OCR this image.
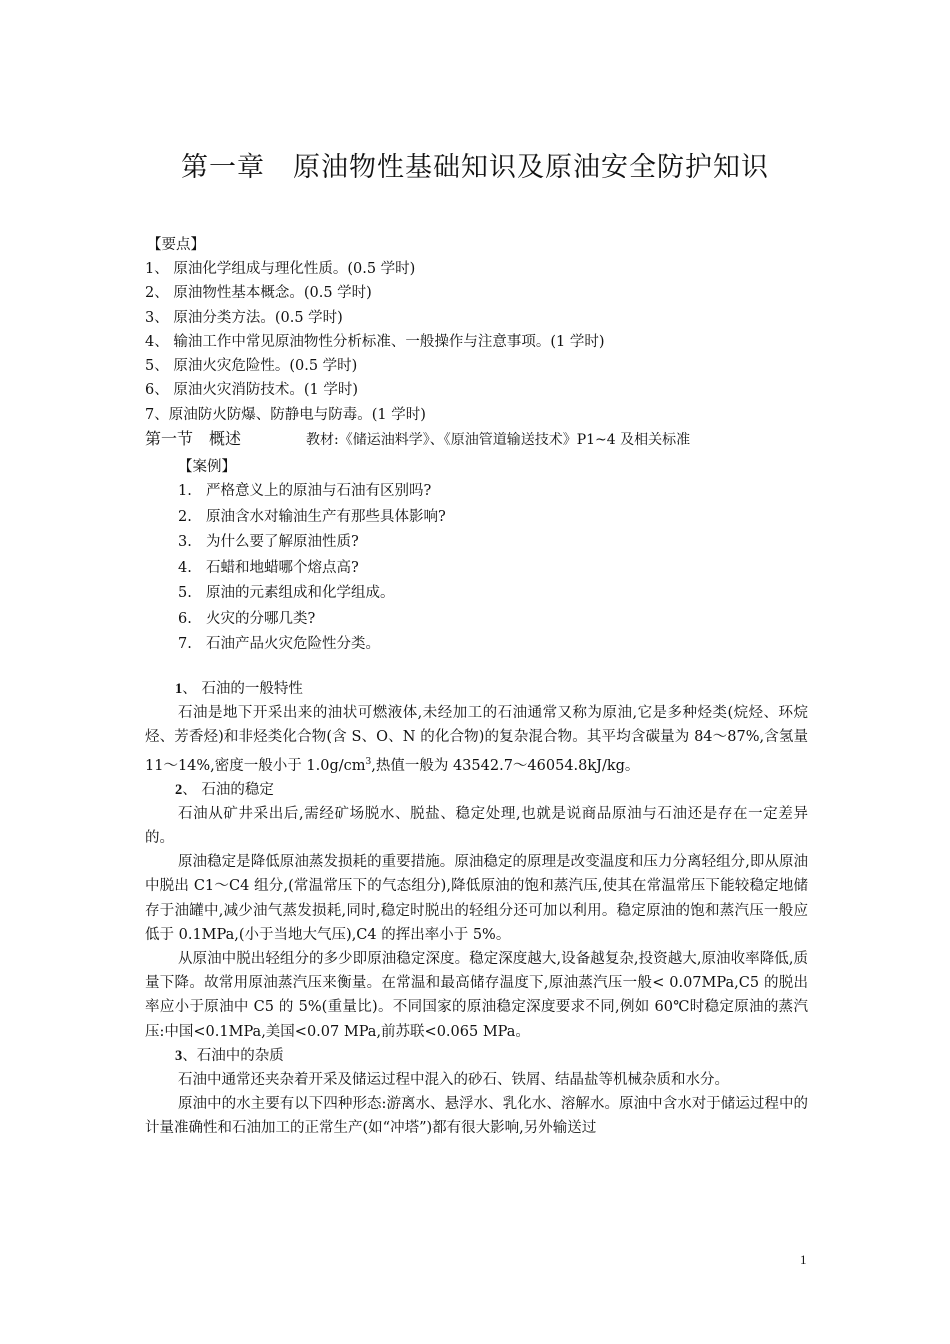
第一章　原油物性基础知识及原油安全防护知识
【要点】
1、 原油化学组成与理化性质。(0.5 学时)
2、 原油物性基本概念。(0.5 学时)
3、 原油分类方法。(0.5 学时)
4、 输油工作中常见原油物性分析标准、一般操作与注意事项。(1 学时)
5、 原油火灾危险性。(0.5 学时)
6、 原油火灾消防技术。(1 学时)
7、原油防火防爆、防静电与防毒。(1 学时)
第一节　概述	教材:《储运油料学》、《原油管道输送技术》P1~4 及相关标准
【案例】
1. 严格意义上的原油与石油有区别吗?
2. 原油含水对输油生产有那些具体影响?
3. 为什么要了解原油性质?
4. 石蜡和地蜡哪个熔点高?
5. 原油的元素组成和化学组成。
6. 火灾的分哪几类?
7. 石油产品火灾危险性分类。

1、 石油的一般特性

石油是地下开采出来的油状可燃液体,未经加工的石油通常又称为原油,它是多种烃类(烷烃、环烷烃、芳香烃)和非烃类化合物(含 S、O、N 的化合物)的复杂混合物。其平均含碳量为 84～87%,含氢量 11～14%,密度一般小于 $1.0g/cm^3$,热值一般为 43542.7～46054.8kJ/kg。

2、 石油的稳定

石油从矿井采出后,需经矿场脱水、脱盐、稳定处理,也就是说商品原油与石油还是存在一定差异的。

原油稳定是降低原油蒸发损耗的重要措施。原油稳定的原理是改变温度和压力分离轻组分,即从原油中脱出 C1～C4 组分,(常温常压下的气态组分),降低原油的饱和蒸汽压,使其在常温常压下能较稳定地储存于油罐中,减少油气蒸发损耗,同时,稳定时脱出的轻组分还可加以利用。稳定原油的饱和蒸汽压一般应低于 0.1MPa,(小于当地大气压),C4 的挥出率小于 5%。

从原油中脱出轻组分的多少即原油稳定深度。稳定深度越大,设备越复杂,投资越大,原油收率降低,质量下降。故常用原油蒸汽压来衡量。在常温和最高储存温度下,原油蒸汽压一般< 0.07MPa,C5 的脱出率应小于原油中 C5 的 5%(重量比)。不同国家的原油稳定深度要求不同,例如 60℃时稳定原油的蒸汽压:中国<0.1MPa,美国<0.07 MPa,前苏联<0.065 MPa。

3、石油中的杂质

石油中通常还夹杂着开采及储运过程中混入的砂石、铁屑、结晶盐等机械杂质和水分。

原油中的水主要有以下四种形态:游离水、悬浮水、乳化水、溶解水。原油中含水对于储运过程中的计量准确性和石油加工的正常生产(如“冲塔”)都有很大影响,另外输送过

1
